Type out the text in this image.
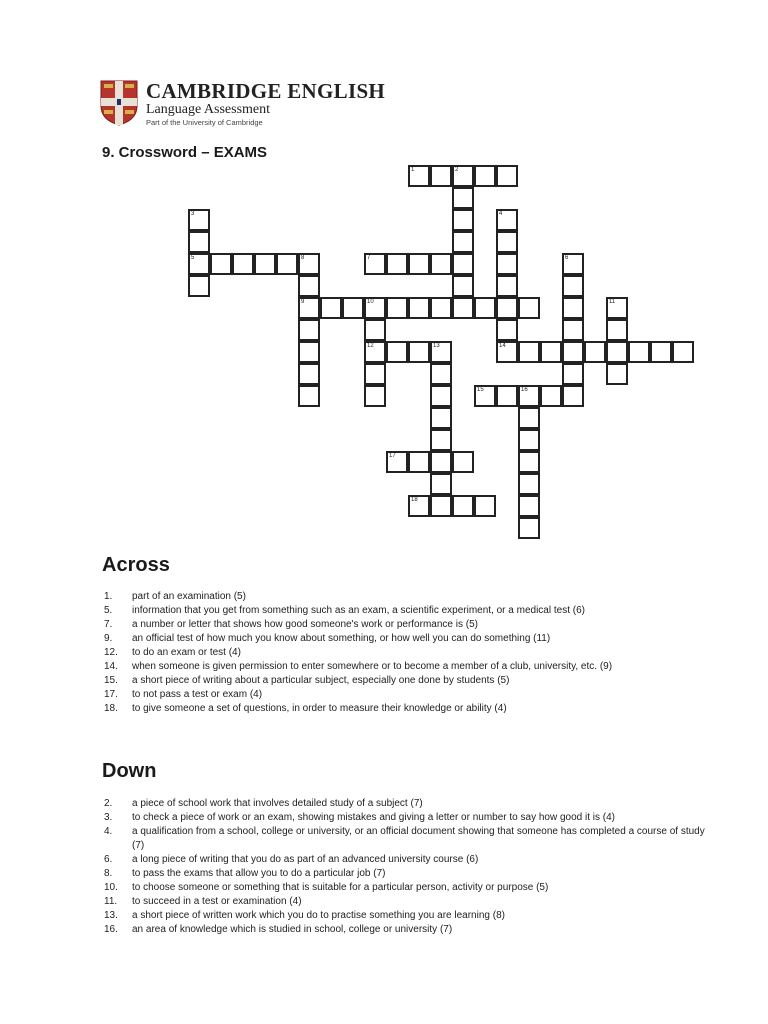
CAMBRIDGE ENGLISH
Language Assessment
Part of the University of Cambridge
9. Crossword – EXAMS
1	2
3
5
4
14
8	6
7
9	10
12
11
13
15	16
17
18
Across
1. part of an examination (5)
5. information that you get from something such as an exam, a scientific experiment, or a medical test (6)
7. a number or letter that shows how good someone's work or performance is (5)
9. an official test of how much you know about something, or how well you can do something (11)
12. to do an exam or test (4)
14. when someone is given permission to enter somewhere or to become a member of a club, university, etc. (9)
15. a short piece of writing about a particular subject, especially one done by students (5)
17. to not pass a test or exam (4)
18. to give someone a set of questions, in order to measure their knowledge or ability (4)
Down
2. a piece of school work that involves detailed study of a subject (7)
3. to check a piece of work or an exam, showing mistakes and giving a letter or number to say how good it is (4)
4. a qualification from a school, college or university, or an official document showing that someone has completed a course of study (7)
6. a long piece of writing that you do as part of an advanced university course (6)
8. to pass the exams that allow you to do a particular job (7)
10. to choose someone or something that is suitable for a particular person, activity or purpose (5)
11. to succeed in a test or examination (4)
13. a short piece of written work which you do to practise something you are learning (8)
16. an area of knowledge which is studied in school, college or university (7)
